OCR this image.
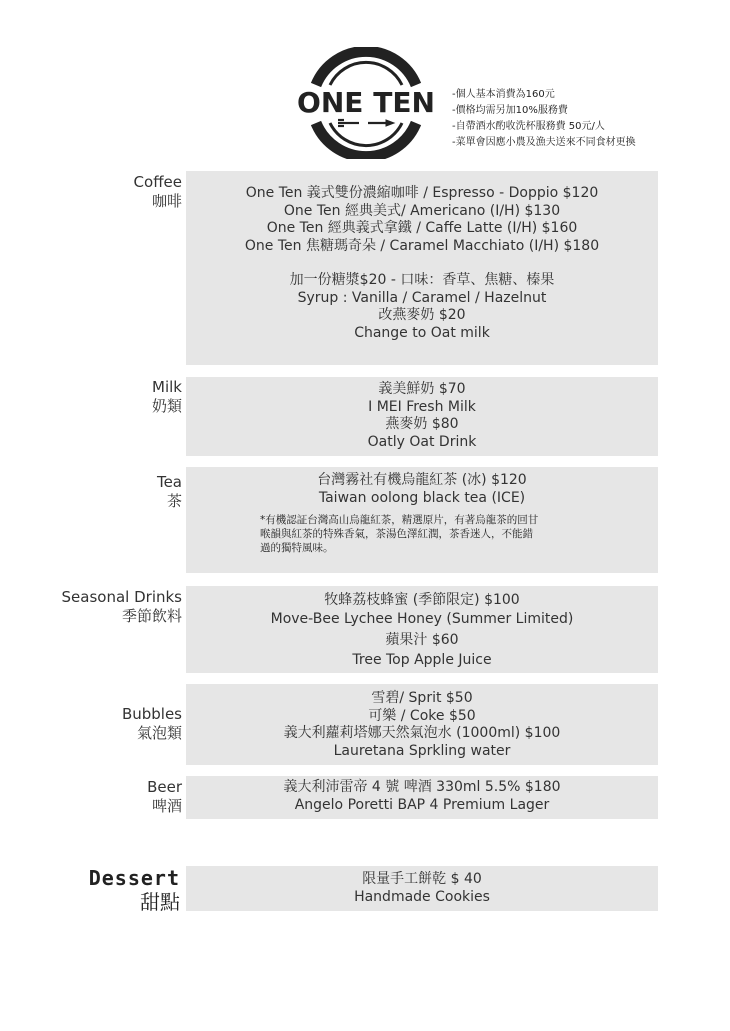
ONE TEN -個人基本消費為160元
-價格均需另加10%服務費
-自帶酒水酌收洗杯服務費 50元/人
-菜單會因應小農及漁夫送來不同食材更換
Coffee
咖啡	One Ten 義式雙份濃縮咖啡 / Espresso - Doppio $120
One Ten 經典美式/ Americano (I/H) $130
One Ten 經典義式拿鐵 / Caffe Latte (I/H) $160
One Ten 焦糖瑪奇朵 / Caramel Macchiato (I/H) $180
加一份糖漿$20 - 口味：香草、焦糖、榛果
Syrup : Vanilla / Caramel / Hazelnut
改燕麥奶 $20
Change to Oat milk
Milk
奶類
義美鮮奶 $70
I MEI Fresh Milk
燕麥奶 $80
Oatly Oat Drink
Tea
茶
台灣霧社有機烏龍紅茶 (冰) $120
Taiwan oolong black tea (ICE)
*有機認証台灣高山烏龍紅茶，精選原片，有著烏龍茶的回甘
喉韻與紅茶的特殊香氣，茶湯色澤紅潤，茶香迷人，不能錯
過的獨特風味。
Seasonal Drinks
季節飲料
牧蜂荔枝蜂蜜 (季節限定) $100
Move-Bee Lychee Honey (Summer Limited)
蘋果汁 $60
Tree Top Apple Juice
Bubbles
氣泡類
雪碧/ Sprit $50
可樂 / Coke $50
義大利蘿莉塔娜天然氣泡水 (1000ml) $100
Lauretana Sprkling water
Beer
啤酒
義大利沛雷帝 4 號 啤酒 330ml 5.5% $180
Angelo Poretti BAP 4 Premium Lager
Dessert
甜點
限量手工餅乾 $ 40
Handmade Cookies
